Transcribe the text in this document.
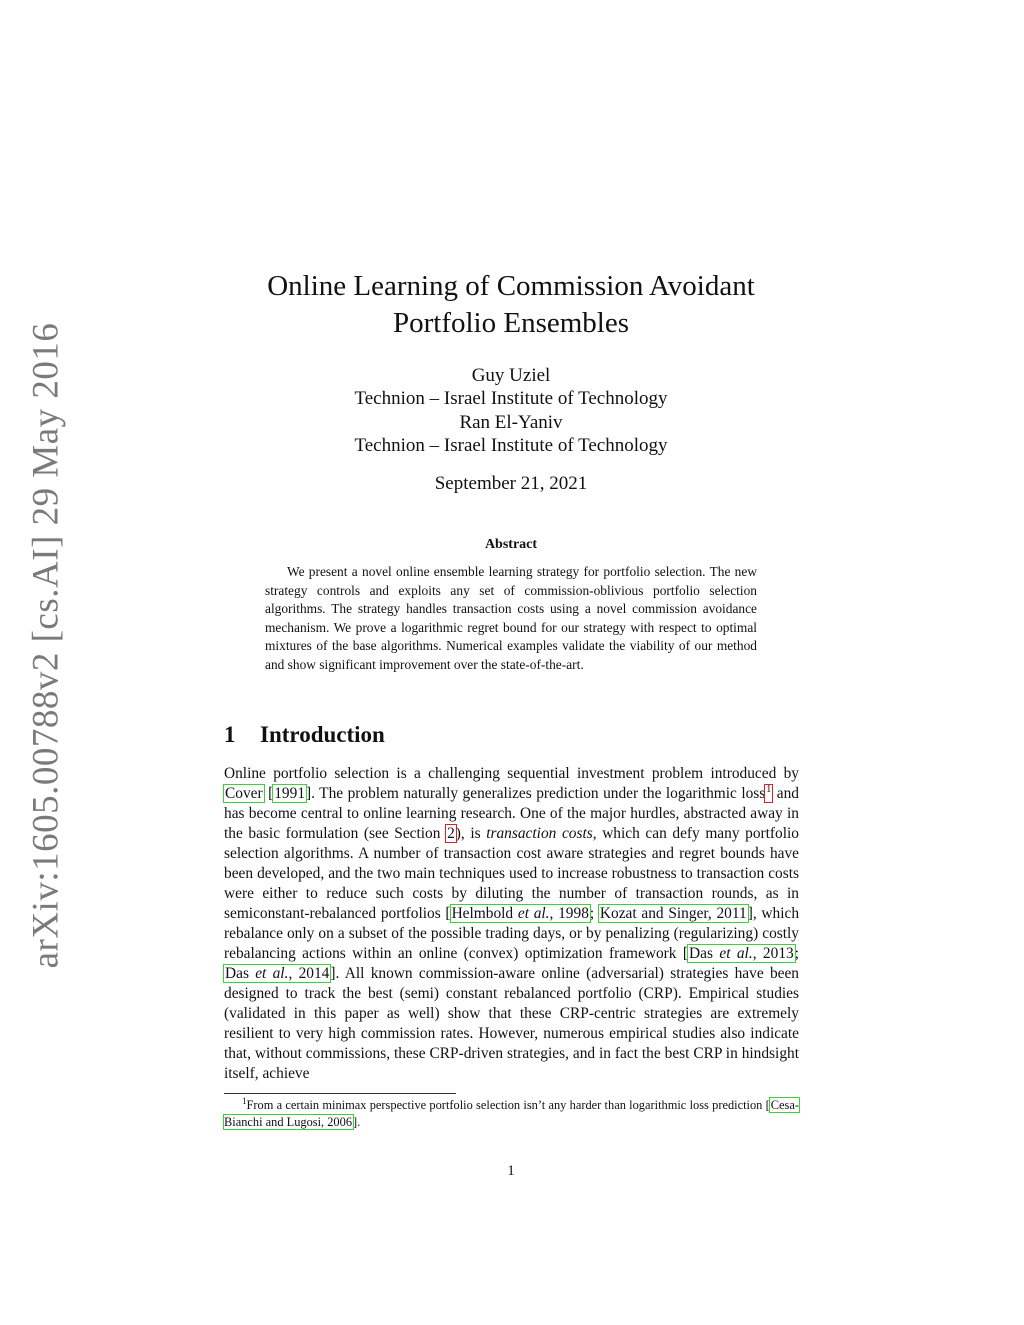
arXiv:1605.00788v2 [cs.AI] 29 May 2016
Online Learning of Commission Avoidant
Portfolio Ensembles
Guy Uziel
Technion – Israel Institute of Technology
Ran El-Yaniv
Technion – Israel Institute of Technology
September 21, 2021
Abstract

We present a novel online ensemble learning strategy for portfolio selection. The new strategy controls and exploits any set of commission-oblivious portfolio selection algorithms. The strategy handles transaction costs using a novel commission avoidance mechanism. We prove a logarithmic regret bound for our strategy with respect to optimal mixtures of the base algorithms. Numerical examples validate the viability of our method and show significant improvement over the state-of-the-art.

1 Introduction

Online portfolio selection is a challenging sequential investment problem introduced by Cover [1991]. The problem naturally generalizes prediction under the logarithmic loss$^1$ and has become central to online learning research. One of the major hurdles, abstracted away in the basic formulation (see Section 2), is transaction costs, which can defy many portfolio selection algorithms. A number of transaction cost aware strategies and regret bounds have been developed, and the two main techniques used to increase robustness to transaction costs were either to reduce such costs by diluting the number of transaction rounds, as in semiconstant-rebalanced portfolios [Helmbold et al., 1998; Kozat and Singer, 2011], which rebalance only on a subset of the possible trading days, or by penalizing (regularizing) costly rebalancing actions within an online (convex) optimization framework [Das et al., 2013; Das et al., 2014]. All known commission-aware online (adversarial) strategies have been designed to track the best (semi) constant rebalanced portfolio (CRP). Empirical studies (validated in this paper as well) show that these CRP-centric strategies are extremely resilient to very high commission rates. However, numerous empirical studies also indicate that, without commissions, these CRP-driven strategies, and in fact the best CRP in hindsight itself, achieve

$^1$From a certain minimax perspective portfolio selection isn’t any harder than logarithmic loss prediction [Cesa-Bianchi and Lugosi, 2006].

1
